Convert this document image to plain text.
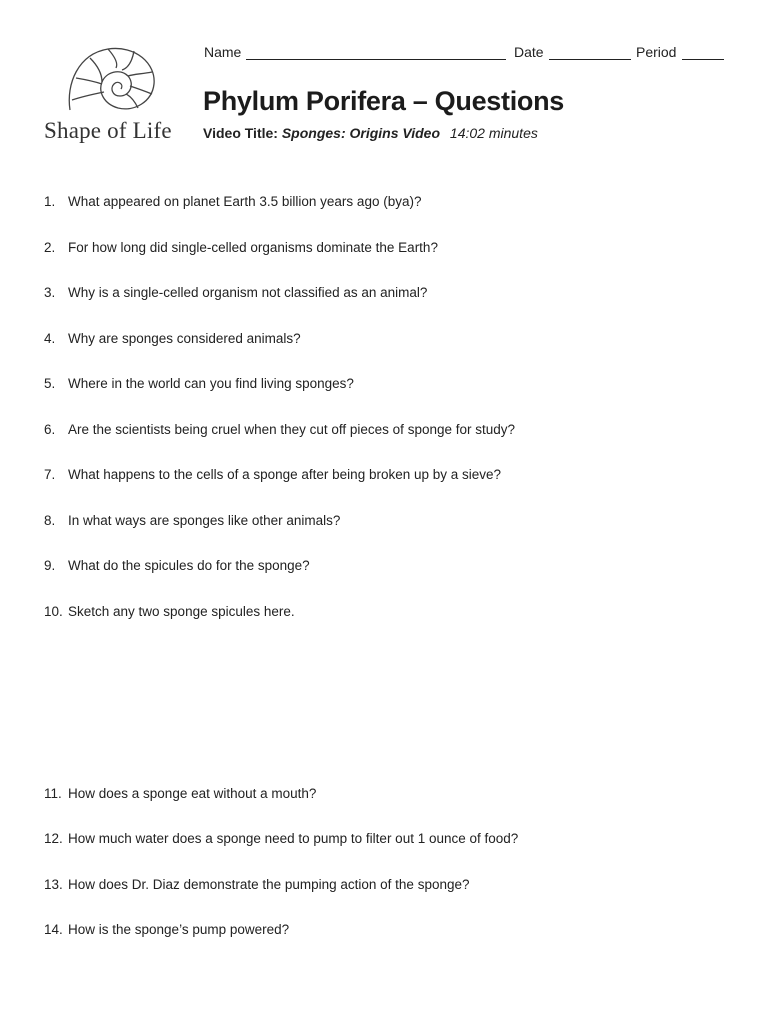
Shape of Life
Name	Date	Period
Phylum Porifera – Questions
Video Title: Sponges: Origins Video 14:02 minutes
1. What appeared on planet Earth 3.5 billion years ago (bya)?
2. For how long did single-celled organisms dominate the Earth?
3. Why is a single-celled organism not classified as an animal?
4. Why are sponges considered animals?
5. Where in the world can you find living sponges?
6. Are the scientists being cruel when they cut off pieces of sponge for study?
7. What happens to the cells of a sponge after being broken up by a sieve?
8. In what ways are sponges like other animals?
9. What do the spicules do for the sponge?
10. Sketch any two sponge spicules here.
11. How does a sponge eat without a mouth?
12. How much water does a sponge need to pump to filter out 1 ounce of food?
13. How does Dr. Diaz demonstrate the pumping action of the sponge?
14. How is the sponge’s pump powered?
